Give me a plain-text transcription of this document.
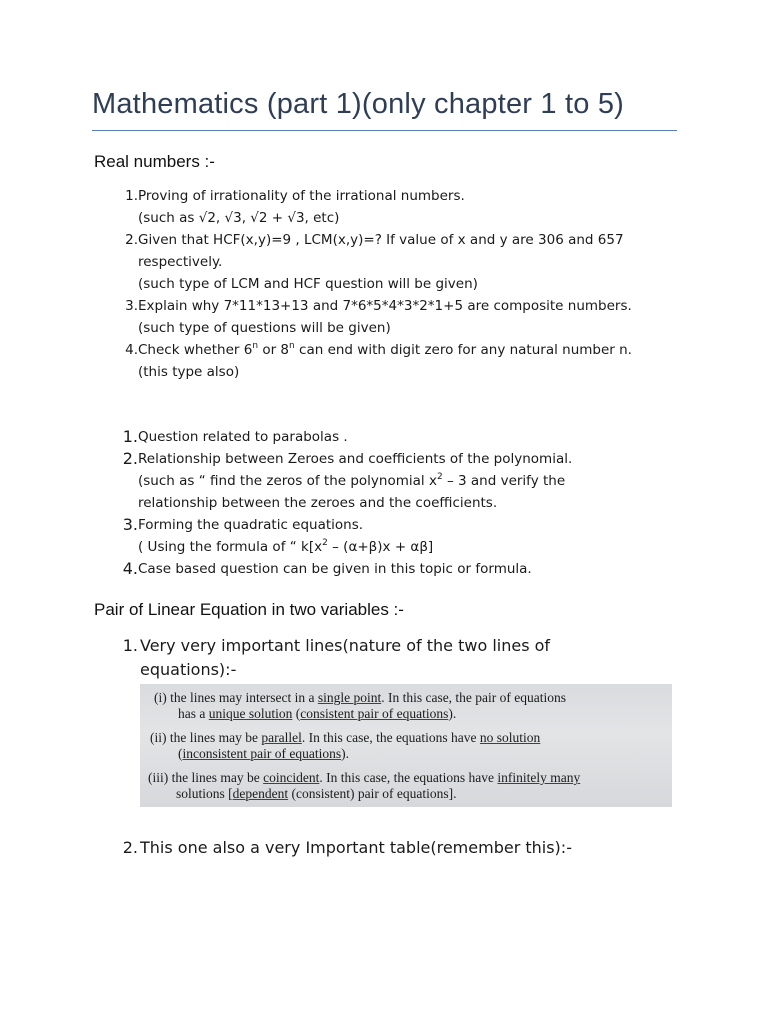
Mathematics (part 1)(only chapter 1 to 5)
Real numbers :-
1. Proving of irrationality of the irrational numbers.
(such as √2, √3, √2 + √3, etc)
2. Given that HCF(x,y)=9 , LCM(x,y)=? If value of x and y are 306 and 657
respectively.
(such type of LCM and HCF question will be given)
3. Explain why 7*11*13+13 and 7*6*5*4*3*2*1+5 are composite numbers.
(such type of questions will be given)
4. Check whether 6$^n$ or 8$^n$ can end with digit zero for any natural number n.
(this type also)
1. Question related to parabolas .
2. Relationship between Zeroes and coefficients of the polynomial.
(such as “ find the zeros of the polynomial $x^2 - 3$ and verify the
relationship between the zeroes and the coefficients.
3. Forming the quadratic equations.
( Using the formula of “ $k[x^2 - (\alpha+\beta)x + \alpha\beta]$
4. Case based question can be given in this topic or formula.
Pair of Linear Equation in two variables :-
1. Very very important lines(nature of the two lines of
equations):-
(i) the lines may intersect in a single point. In this case, the pair of equations
has a unique solution (consistent pair of equations).
(ii) the lines may be parallel. In this case, the equations have no solution
(inconsistent pair of equations).
(iii) the lines may be coincident. In this case, the equations have infinitely many
solutions [dependent (consistent) pair of equations].
2. This one also a very Important table(remember this):-
